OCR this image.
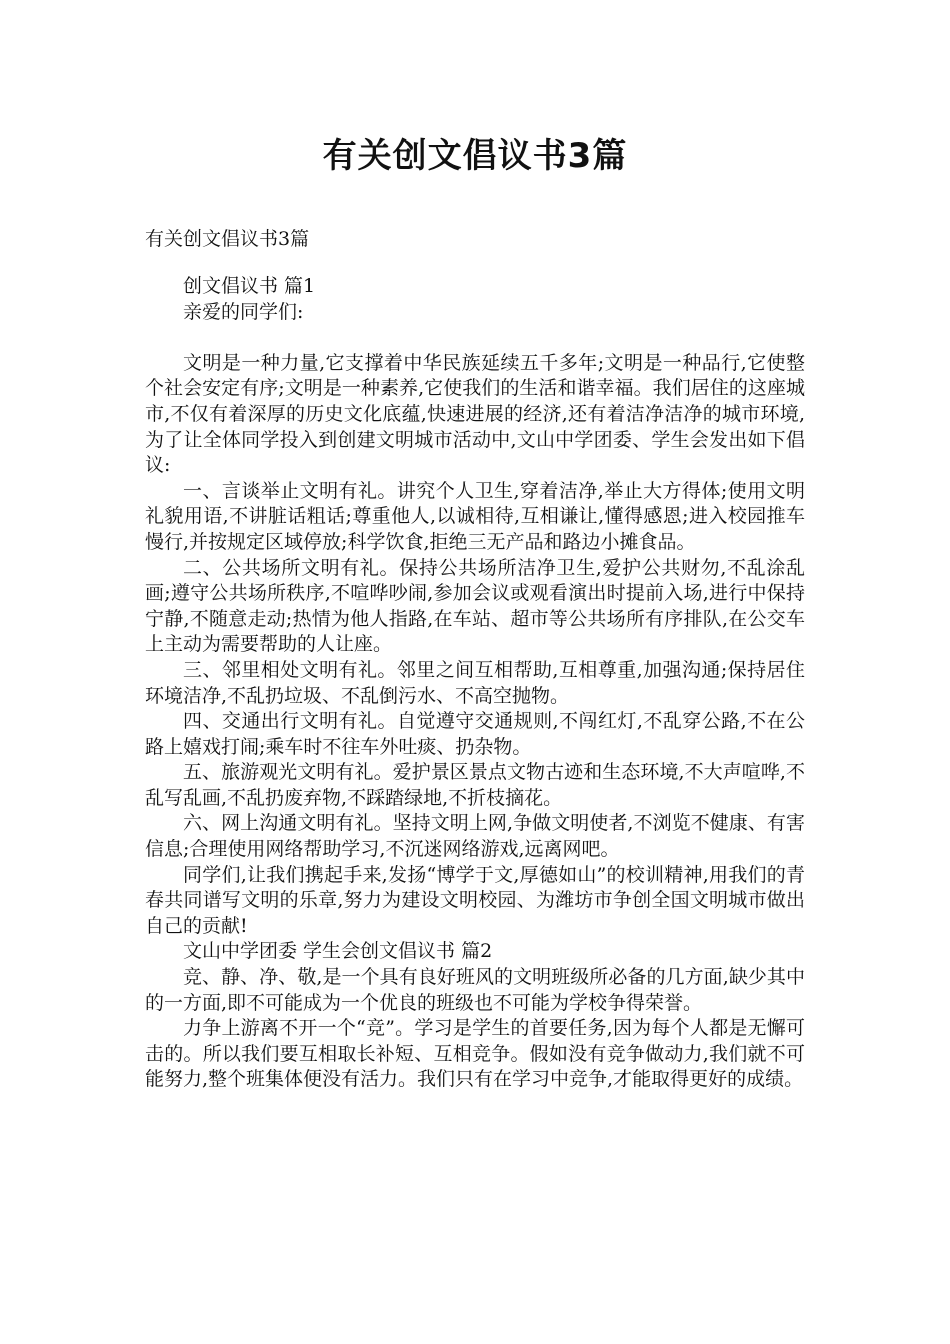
有关创文倡议书3篇

有关创文倡议书3篇

创文倡议书 篇1

亲爱的同学们:

文明是一种力量,它支撑着中华民族延续五千多年;文明是一种品行,它使整个社会安定有序;文明是一种素养,它使我们的生活和谐幸福。我们居住的这座城市,不仅有着深厚的历史文化底蕴,快速进展的经济,还有着洁净洁净的城市环境,为了让全体同学投入到创建文明城市活动中,文山中学团委、学生会发出如下倡议:

一、言谈举止文明有礼。讲究个人卫生,穿着洁净,举止大方得体;使用文明礼貌用语,不讲脏话粗话;尊重他人,以诚相待,互相谦让,懂得感恩;进入校园推车慢行,并按规定区域停放;科学饮食,拒绝三无产品和路边小摊食品。

二、公共场所文明有礼。保持公共场所洁净卫生,爱护公共财勿,不乱涂乱画;遵守公共场所秩序,不喧哗吵闹,参加会议或观看演出时提前入场,进行中保持宁静,不随意走动;热情为他人指路,在车站、超市等公共场所有序排队,在公交车上主动为需要帮助的人让座。

三、邻里相处文明有礼。邻里之间互相帮助,互相尊重,加强沟通;保持居住环境洁净,不乱扔垃圾、不乱倒污水、不高空抛物。

四、交通出行文明有礼。自觉遵守交通规则,不闯红灯,不乱穿公路,不在公路上嬉戏打闹;乘车时不往车外吐痰、扔杂物。

五、旅游观光文明有礼。爱护景区景点文物古迹和生态环境,不大声喧哗,不乱写乱画,不乱扔废弃物,不踩踏绿地,不折枝摘花。

六、网上沟通文明有礼。坚持文明上网,争做文明使者,不浏览不健康、有害信息;合理使用网络帮助学习,不沉迷网络游戏,远离网吧。

同学们,让我们携起手来,发扬“博学于文,厚德如山”的校训精神,用我们的青春共同谱写文明的乐章,努力为建设文明校园、为潍坊市争创全国文明城市做出自己的贡献!

文山中学团委 学生会创文倡议书 篇2

竞、静、净、敬,是一个具有良好班风的文明班级所必备的几方面,缺少其中的一方面,即不可能成为一个优良的班级也不可能为学校争得荣誉。

力争上游离不开一个“竞”。学习是学生的首要任务,因为每个人都是无懈可击的。所以我们要互相取长补短、互相竞争。假如没有竞争做动力,我们就不可能努力,整个班集体便没有活力。我们只有在学习中竞争,才能取得更好的成绩。
